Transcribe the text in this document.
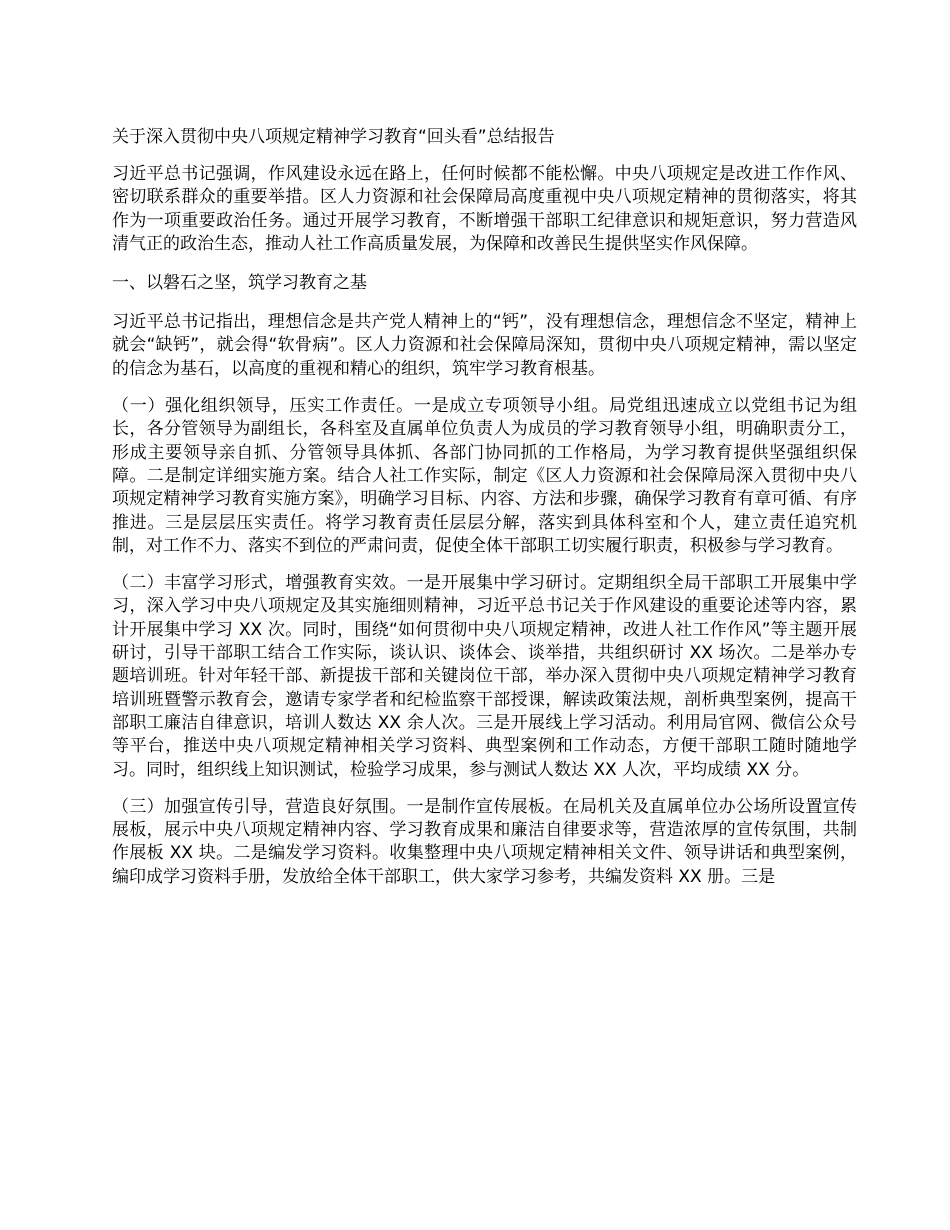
关于深入贯彻中央八项规定精神学习教育“回头看”总结报告

习近平总书记强调，作风建设永远在路上，任何时候都不能松懈。中央八项规定是改进工作作风、密切联系群众的重要举措。区人力资源和社会保障局高度重视中央八项规定精神的贯彻落实，将其作为一项重要政治任务。通过开展学习教育，不断增强干部职工纪律意识和规矩意识，努力营造风清气正的政治生态，推动人社工作高质量发展，为保障和改善民生提供坚实作风保障。

一、以磐石之坚，筑学习教育之基

习近平总书记指出，理想信念是共产党人精神上的“钙”，没有理想信念，理想信念不坚定，精神上就会“缺钙”，就会得“软骨病”。区人力资源和社会保障局深知，贯彻中央八项规定精神，需以坚定的信念为基石，以高度的重视和精心的组织，筑牢学习教育根基。

（一）强化组织领导，压实工作责任。一是成立专项领导小组。局党组迅速成立以党组书记为组长，各分管领导为副组长，各科室及直属单位负责人为成员的学习教育领导小组，明确职责分工，形成主要领导亲自抓、分管领导具体抓、各部门协同抓的工作格局，为学习教育提供坚强组织保障。二是制定详细实施方案。结合人社工作实际，制定《区人力资源和社会保障局深入贯彻中央八项规定精神学习教育实施方案》，明确学习目标、内容、方法和步骤，确保学习教育有章可循、有序推进。三是层层压实责任。将学习教育责任层层分解，落实到具体科室和个人，建立责任追究机制，对工作不力、落实不到位的严肃问责，促使全体干部职工切实履行职责，积极参与学习教育。

（二）丰富学习形式，增强教育实效。一是开展集中学习研讨。定期组织全局干部职工开展集中学习，深入学习中央八项规定及其实施细则精神，习近平总书记关于作风建设的重要论述等内容，累计开展集中学习 XX 次。同时，围绕“如何贯彻中央八项规定精神，改进人社工作作风”等主题开展研讨，引导干部职工结合工作实际，谈认识、谈体会、谈举措，共组织研讨 XX 场次。二是举办专题培训班。针对年轻干部、新提拔干部和关键岗位干部，举办深入贯彻中央八项规定精神学习教育培训班暨警示教育会，邀请专家学者和纪检监察干部授课，解读政策法规，剖析典型案例，提高干部职工廉洁自律意识，培训人数达 XX 余人次。三是开展线上学习活动。利用局官网、微信公众号等平台，推送中央八项规定精神相关学习资料、典型案例和工作动态，方便干部职工随时随地学习。同时，组织线上知识测试，检验学习成果，参与测试人数达 XX 人次，平均成绩 XX 分。

（三）加强宣传引导，营造良好氛围。一是制作宣传展板。在局机关及直属单位办公场所设置宣传展板，展示中央八项规定精神内容、学习教育成果和廉洁自律要求等，营造浓厚的宣传氛围，共制作展板 XX 块。二是编发学习资料。收集整理中央八项规定精神相关文件、领导讲话和典型案例，编印成学习资料手册，发放给全体干部职工，供大家学习参考，共编发资料 XX 册。三是
